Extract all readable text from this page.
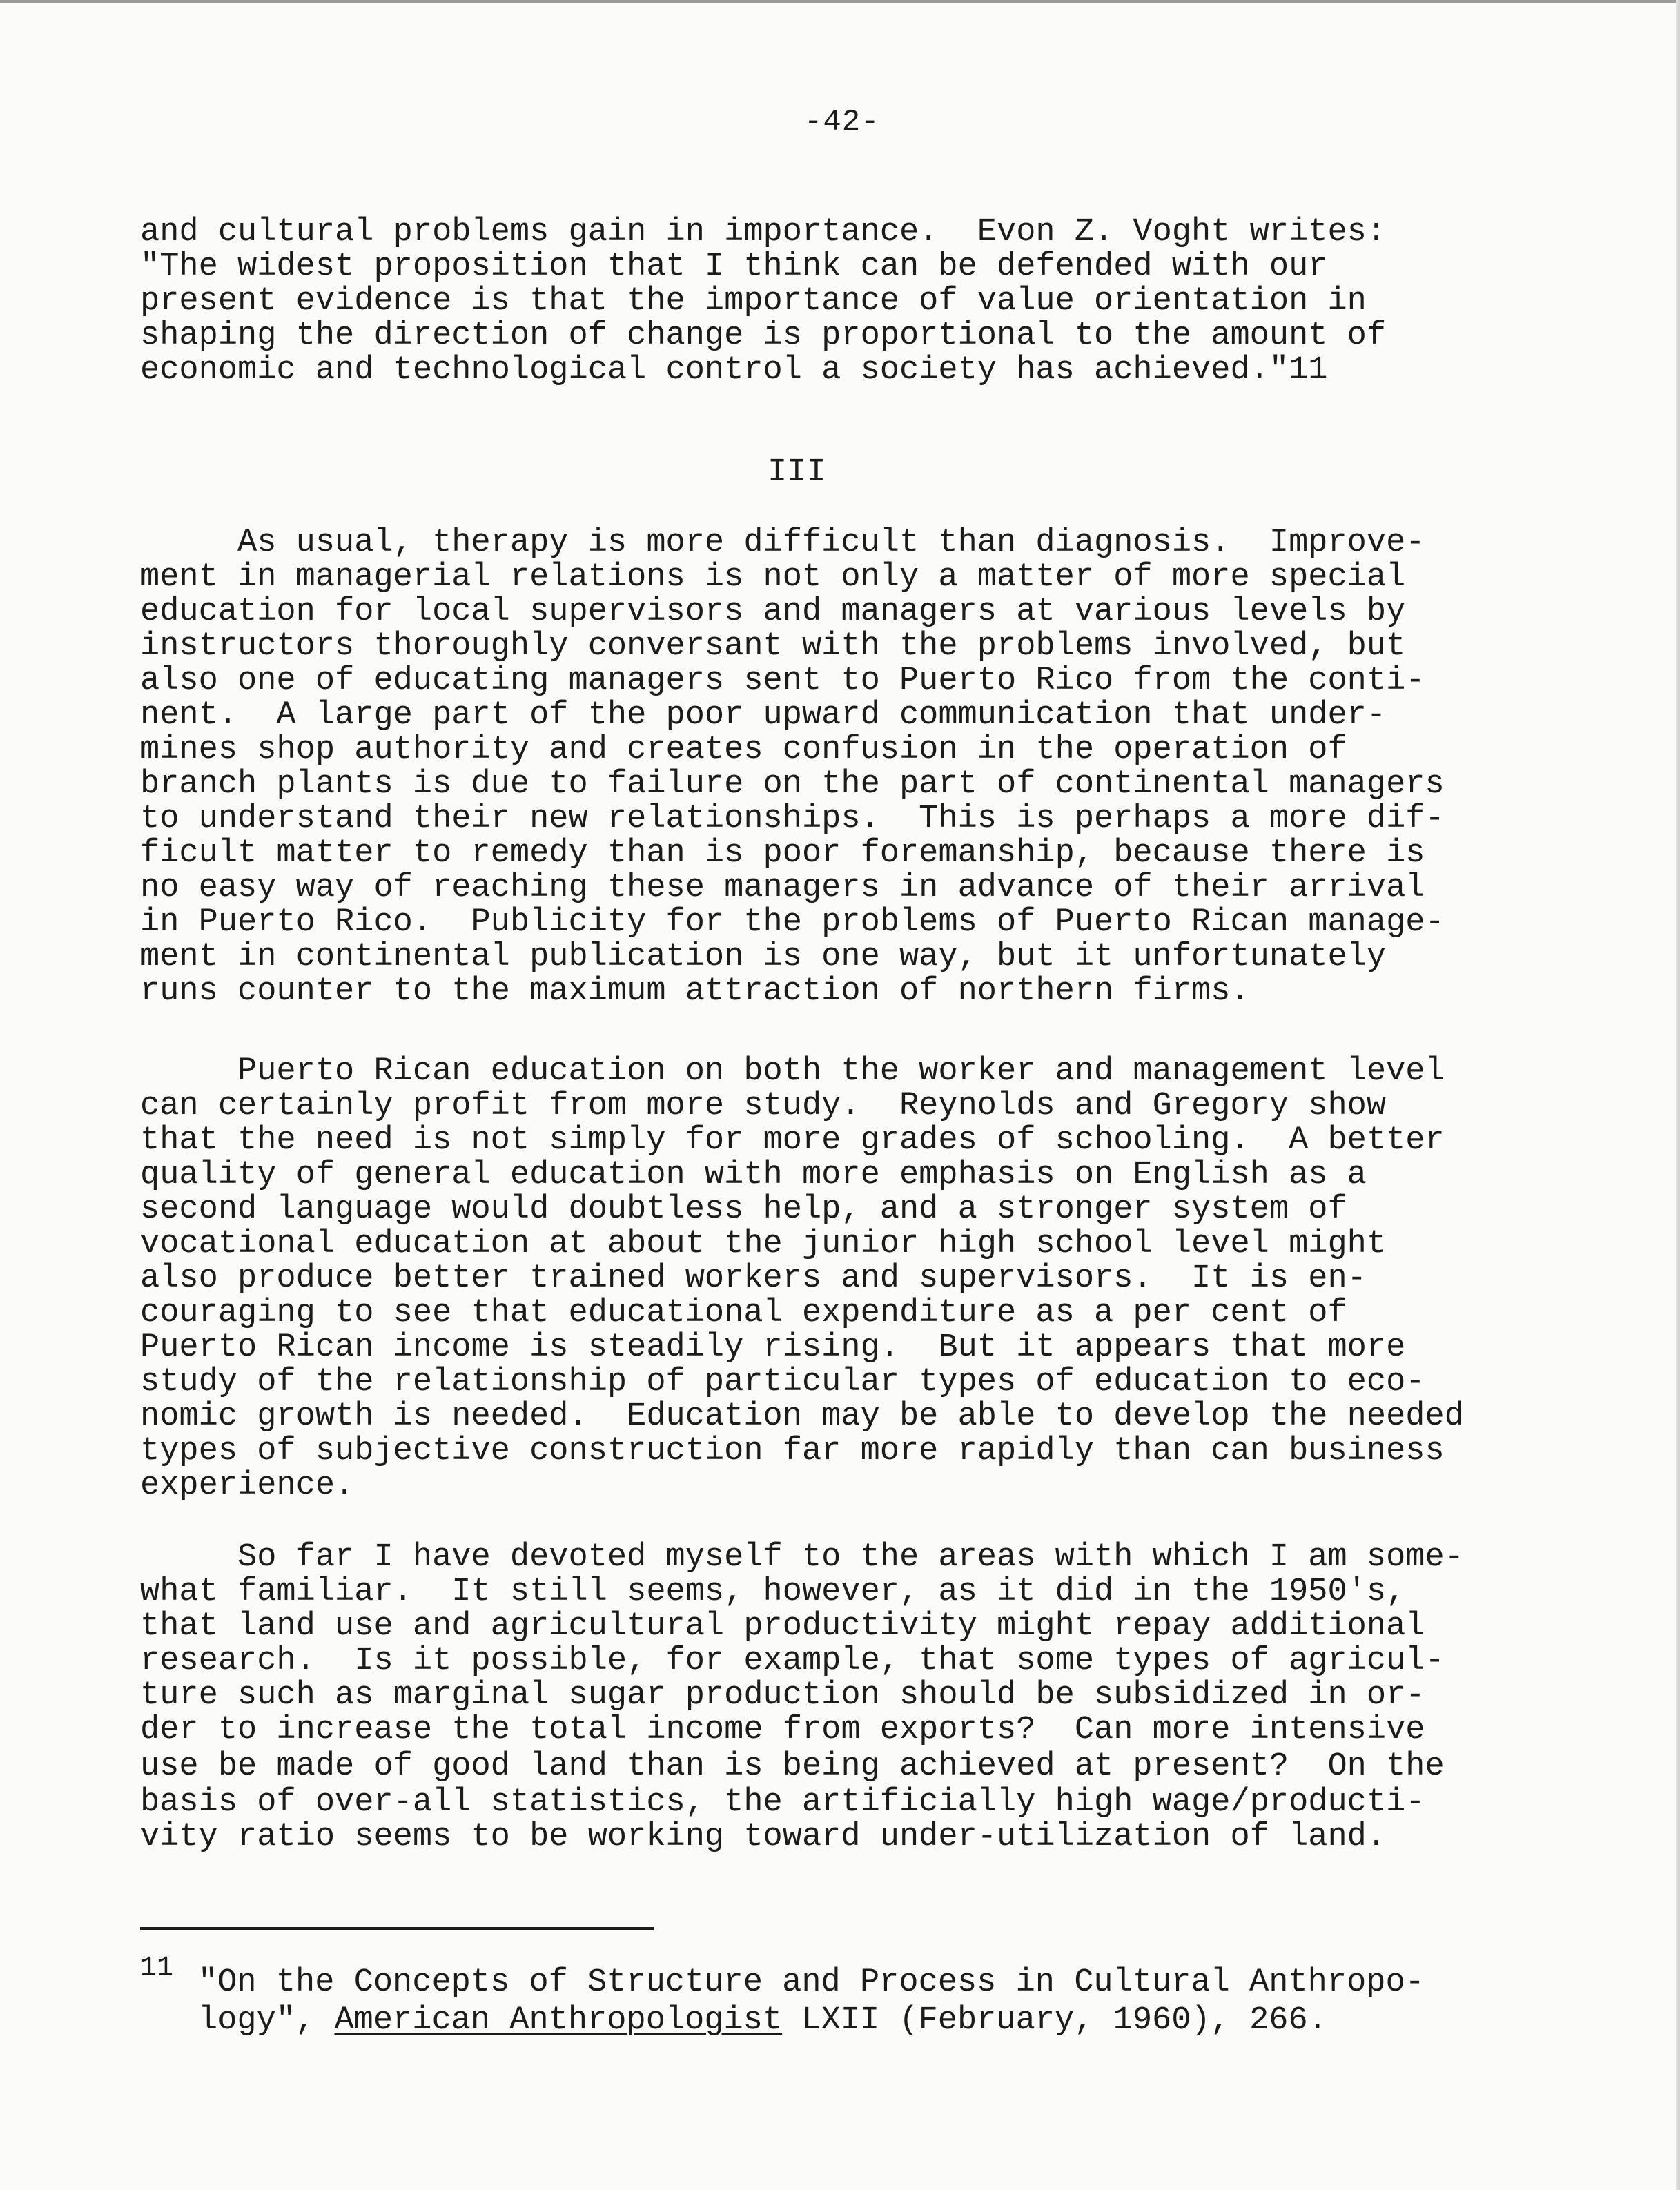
-42-
and cultural problems gain in importance.  Evon Z. Voght writes:
"The widest proposition that I think can be defended with our
present evidence is that the importance of value orientation in
shaping the direction of change is proportional to the amount of
economic and technological control a society has achieved."11
III
As usual, therapy is more difficult than diagnosis.  Improve-
ment in managerial relations is not only a matter of more special
education for local supervisors and managers at various levels by
instructors thoroughly conversant with the problems involved, but
also one of educating managers sent to Puerto Rico from the conti-
nent.  A large part of the poor upward communication that under-
mines shop authority and creates confusion in the operation of
branch plants is due to failure on the part of continental managers
to understand their new relationships.  This is perhaps a more dif-
ficult matter to remedy than is poor foremanship, because there is
no easy way of reaching these managers in advance of their arrival
in Puerto Rico.  Publicity for the problems of Puerto Rican manage-
ment in continental publication is one way, but it unfortunately
runs counter to the maximum attraction of northern firms.
Puerto Rican education on both the worker and management level
can certainly profit from more study.  Reynolds and Gregory show
that the need is not simply for more grades of schooling.  A better
quality of general education with more emphasis on English as a
second language would doubtless help, and a stronger system of
vocational education at about the junior high school level might
also produce better trained workers and supervisors.  It is en-
couraging to see that educational expenditure as a per cent of
Puerto Rican income is steadily rising.  But it appears that more
study of the relationship of particular types of education to eco-
nomic growth is needed.  Education may be able to develop the needed
types of subjective construction far more rapidly than can business
experience.
So far I have devoted myself to the areas with which I am some-
what familiar.  It still seems, however, as it did in the 1950's,
that land use and agricultural productivity might repay additional
research.  Is it possible, for example, that some types of agricul-
ture such as marginal sugar production should be subsidized in or-
der to increase the total income from exports?  Can more intensive
use be made of good land than is being achieved at present?  On the
basis of over-all statistics, the artificially high wage/producti-
vity ratio seems to be working toward under-utilization of land.
11 "On the Concepts of Structure and Process in Cultural Anthropo-
logy", American Anthropologist LXII (February, 1960), 266.
